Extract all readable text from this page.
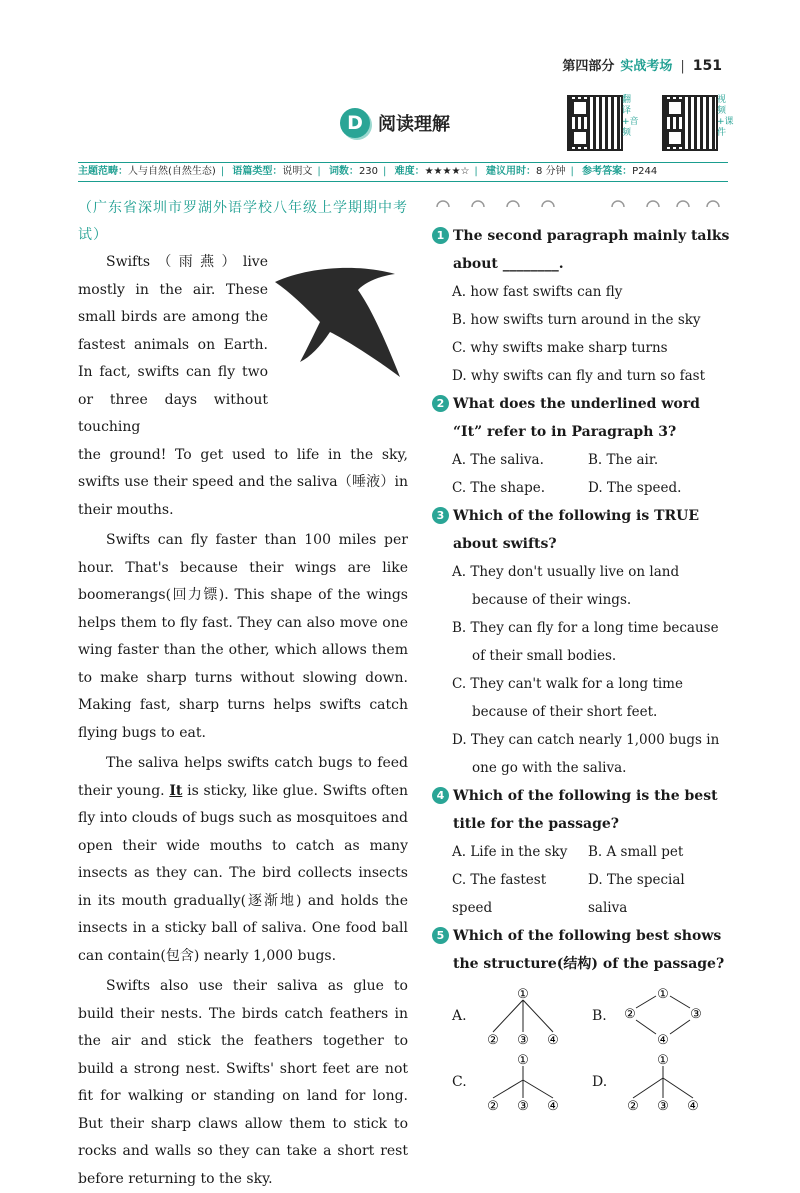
第四部分 实战考场 | 151
D 阅读理解
翻译+音频
视频+课件
主题范畴：人与自然(自然生态) | 语篇类型：说明文 | 词数：230 | 难度：★★★★☆ | 建议用时：8 分钟 | 参考答案：P244
（广东省深圳市罗湖外语学校八年级上学期期中考试）

Swifts（雨燕）live mostly in the air. These small birds are among the fastest animals on Earth. In fact, swifts can fly two or three days without touching

the ground! To get used to life in the sky, swifts use their speed and the saliva（唾液）in their mouths.

Swifts can fly faster than 100 miles per hour. That's because their wings are like boomerangs(回力镖). This shape of the wings helps them to fly fast. They can also move one wing faster than the other, which allows them to make sharp turns without slowing down. Making fast, sharp turns helps swifts catch flying bugs to eat.

The saliva helps swifts catch bugs to feed their young. It is sticky, like glue. Swifts often fly into clouds of bugs such as mosquitoes and open their wide mouths to catch as many insects as they can. The bird collects insects in its mouth gradually(逐渐地) and holds the insects in a sticky ball of saliva. One food ball can contain(包含) nearly 1,000 bugs.

Swifts also use their saliva as glue to build their nests. The birds catch feathers in the air and stick the feathers together to build a strong nest. Swifts' short feet are not fit for walking or standing on land for long. But their sharp claws allow them to stick to rocks and walls so they can take a short rest before returning to the sky.

1 The second paragraph mainly talks about ________.
A. how fast swifts can fly
B. how swifts turn around in the sky
C. why swifts make sharp turns
D. why swifts can fly and turn so fast
2 What does the underlined word “It” refer to in Paragraph 3?
A. The saliva.	B. The air.
C. The shape.	D. The speed.
3 Which of the following is TRUE about swifts?
A. They don't usually live on land because of their wings.
B. They can fly for a long time because of their small bodies.
C. They can't walk for a long time because of their short feet.
D. They can catch nearly 1,000 bugs in one go with the saliva.
4 Which of the following is the best title for the passage?
A. Life in the sky	B. A small pet
C. The fastest speed
D. The special saliva
5 Which of the following best shows the structure(结构) of the passage?
A.
①
② ③ ④
B.
①
②	③
④
C.
①
② ③ ④
D.
①
② ③ ④
